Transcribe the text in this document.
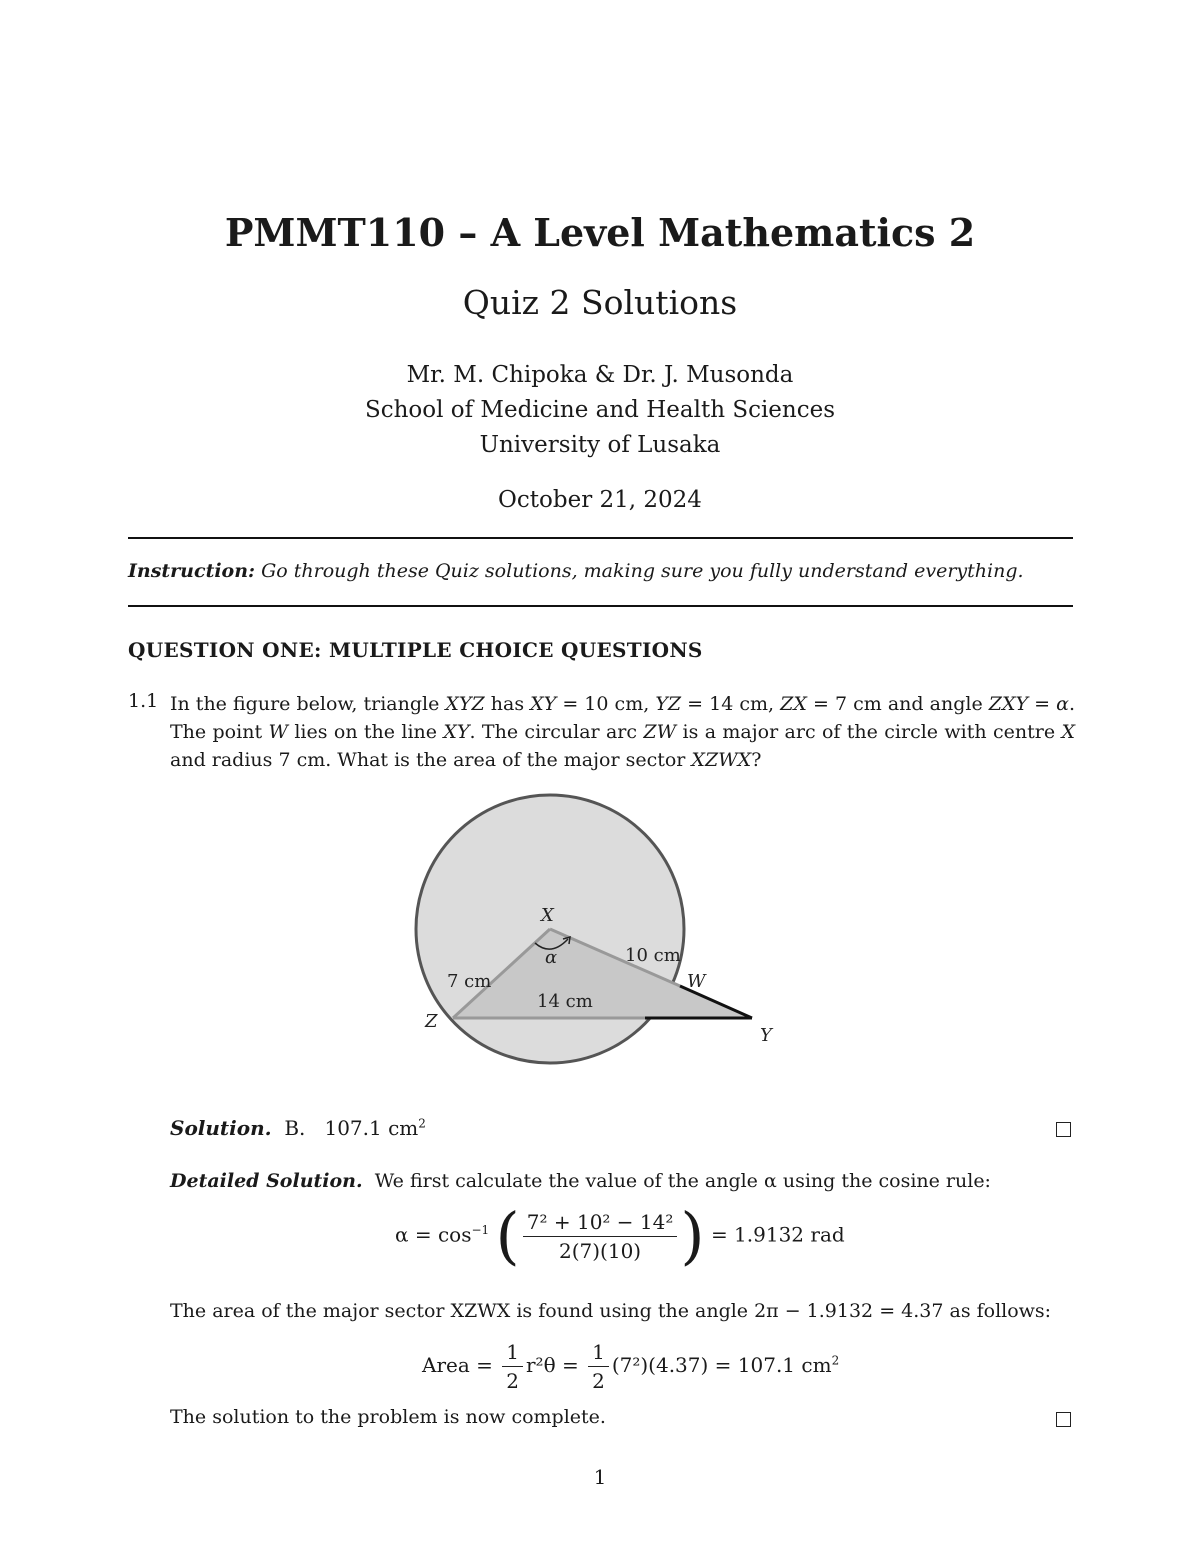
PMMT110 – A Level Mathematics 2
Quiz 2 Solutions
Mr. M. Chipoka & Dr. J. Musonda
School of Medicine and Health Sciences
University of Lusaka
October 21, 2024
Instruction: Go through these Quiz solutions, making sure you fully understand everything.
QUESTION ONE: MULTIPLE CHOICE QUESTIONS
1.1 In the figure below, triangle XYZ has XY = 10 cm, YZ = 14 cm, ZX = 7 cm and angle ZXY = α. The point W lies on the line XY. The circular arc ZW is a major arc of the circle with centre X and radius 7 cm. What is the area of the major sector XZWX?
X
Y
Z
W
α
7 cm
10 cm
14 cm
Solution. B. 107.1 $cm^2$
Detailed Solution. We first calculate the value of the angle α using the cosine rule:
$\alpha = \cos^{-1}$ ( $\frac{\text{7² + 10² − 14²}}{2(7)(10)}$ ) = 1.9132 rad
The area of the major sector XZWX is found using the angle 2π − 1.9132 = 4.37 as follows:
Area = $\frac{1}{2} r^2\theta = \frac{1}{2} (7^2)(4.37) = 107.1$ $cm^2$
The solution to the problem is now complete.
1
